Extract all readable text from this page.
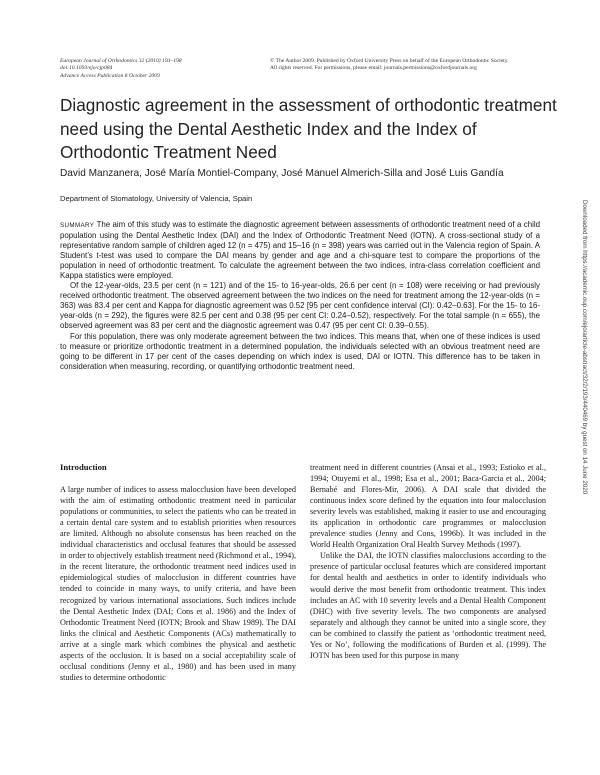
European Journal of Orthodontics 32 (2010) 193–198
doi:10.1093/ejo/cjp084
Advance Access Publication 8 October 2009
© The Author 2009. Published by Oxford University Press on behalf of the European Orthodontic Society.
All rights reserved. For permissions, please email: journals.permissions@oxfordjournals.org
Diagnostic agreement in the assessment of orthodontic treatment need using the Dental Aesthetic Index and the Index of Orthodontic Treatment Need
David Manzanera, José María Montiel-Company, José Manuel Almerich-Silla and José Luis Gandía
Department of Stomatology, University of Valencia, Spain

SUMMARY The aim of this study was to estimate the diagnostic agreement between assessments of orthodontic treatment need of a child population using the Dental Aesthetic Index (DAI) and the Index of Orthodontic Treatment Need (IOTN). A cross-sectional study of a representative random sample of children aged 12 (n = 475) and 15–16 (n = 398) years was carried out in the Valencia region of Spain. A Student’s t-test was used to compare the DAI means by gender and age and a chi-square test to compare the proportions of the population in need of orthodontic treatment. To calculate the agreement between the two indices, intra-class correlation coefficient and Kappa statistics were employed.

Of the 12-year-olds, 23.5 per cent (n = 121) and of the 15- to 16-year-olds, 26.6 per cent (n = 108) were receiving or had previously received orthodontic treatment. The observed agreement between the two indices on the need for treatment among the 12-year-olds (n = 363) was 83.4 per cent and Kappa for diagnostic agreement was 0.52 [95 per cent confidence interval (CI): 0.42–0.63]. For the 15- to 16-year-olds (n = 292), the figures were 82.5 per cent and 0.38 (95 per cent CI: 0.24–0.52), respectively. For the total sample (n = 655), the observed agreement was 83 per cent and the diagnostic agreement was 0.47 (95 per cent CI: 0.39–0.55).

For this population, there was only moderate agreement between the two indices. This means that, when one of these indices is used to measure or prioritize orthodontic treatment in a determined population, the individuals selected with an obvious treatment need are going to be different in 17 per cent of the cases depending on which index is used, DAI or IOTN. This difference has to be taken in consideration when measuring, recording, or quantifying orthodontic treatment need.

Introduction

A large number of indices to assess malocclusion have been developed with the aim of estimating orthodontic treatment need in particular populations or communities, to select the patients who can be treated in a certain dental care system and to establish priorities when resources are limited. Although no absolute consensus has been reached on the individual characteristics and occlusal features that should be assessed in order to objectively establish treatment need (Richmond et al., 1994), in the recent literature, the orthodontic treatment need indices used in epidemiological studies of malocclusion in different countries have tended to coincide in many ways, to unify criteria, and have been recognized by various international associations. Such indices include the Dental Aesthetic Index (DAI; Cons et al. 1986) and the Index of Orthodontic Treatment Need (IOTN; Brook and Shaw 1989). The DAI links the clinical and Aesthetic Components (ACs) mathematically to arrive at a single mark which combines the physical and aesthetic aspects of the occlusion. It is based on a social acceptability scale of occlusal conditions (Jenny et al., 1980) and has been used in many studies to determine orthodontic

treatment need in different countries (Ansai et al., 1993; Estioko et al., 1994; Otuyemi et al., 1998; Esa et al., 2001; Baca-Garcia et al., 2004; Bernabé and Flores-Mir, 2006). A DAI scale that divided the continuous index score defined by the equation into four malocclusion severity levels was established, making it easier to use and encouraging its application in orthodontic care programmes or malocclusion prevalence studies (Jenny and Cons, 1996b). It was included in the World Health Organization Oral Health Survey Methods (1997).

Unlike the DAI, the IOTN classifies malocclusions according to the presence of particular occlusal features which are considered important for dental health and aesthetics in order to identify individuals who would derive the most benefit from orthodontic treatment. This index includes an AC with 10 severity levels and a Dental Health Component (DHC) with five severity levels. The two components are analysed separately and although they cannot be united into a single score, they can be combined to classify the patient as ‘orthodontic treatment need, Yes or No’, following the modifications of Burden et al. (1999). The IOTN has been used for this purpose in many

Downloaded from https://academic.oup.com/ejo/article-abstract/32/2/193/440469 by guest on 14 June 2020
